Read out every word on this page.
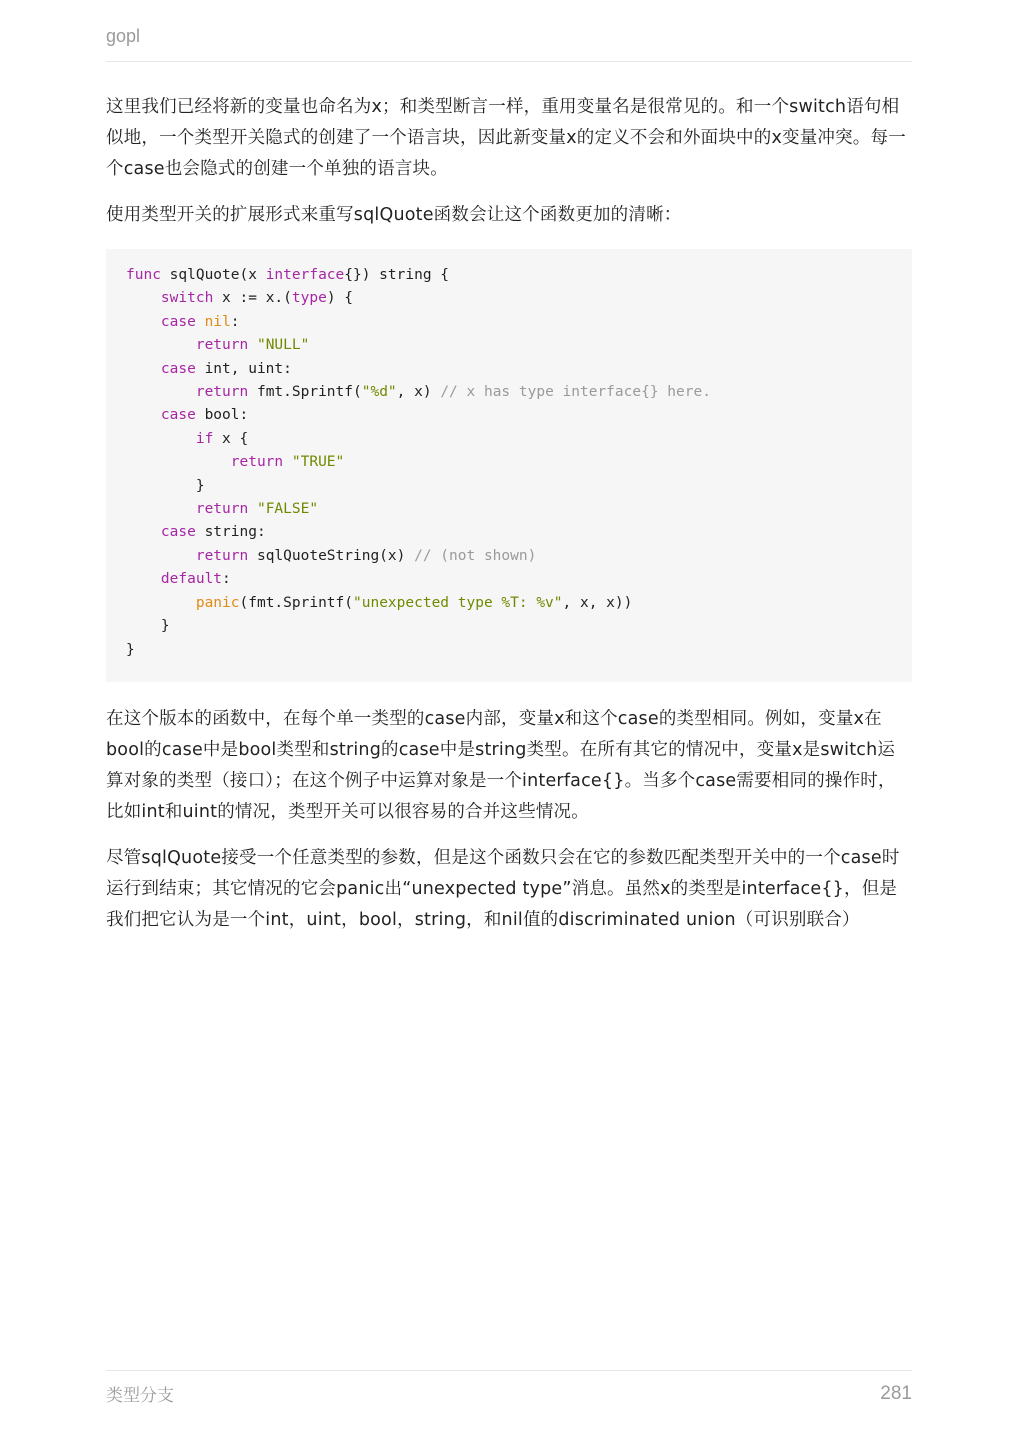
gopl

这里我们已经将新的变量也命名为x；和类型断言一样，重用变量名是很常见的。和一个switch语句相似地，一个类型开关隐式的创建了一个语言块，因此新变量x的定义不会和外面块中的x变量冲突。每一个case也会隐式的创建一个单独的语言块。

使用类型开关的扩展形式来重写sqlQuote函数会让这个函数更加的清晰：

func sqlQuote(x interface{}) string {
switch x := x.(type) {
case nil:
return "NULL"
case int, uint:
return fmt.Sprintf("%d", x) // x has type interface{} here.
case bool:
if x {
return "TRUE"
}
return "FALSE"
case string:
return sqlQuoteString(x) // (not shown)
default:
panic(fmt.Sprintf("unexpected type %T: %v", x, x))
}
}

在这个版本的函数中，在每个单一类型的case内部，变量x和这个case的类型相同。例如，变量x在bool的case中是bool类型和string的case中是string类型。在所有其它的情况中，变量x是switch运算对象的类型（接口）；在这个例子中运算对象是一个interface{}。当多个case需要相同的操作时，比如int和uint的情况，类型开关可以很容易的合并这些情况。

尽管sqlQuote接受一个任意类型的参数，但是这个函数只会在它的参数匹配类型开关中的一个case时运行到结束；其它情况的它会panic出“unexpected type”消息。虽然x的类型是interface{}，但是我们把它认为是一个int，uint，bool，string，和nil值的discriminated union（可识别联合）

类型分支	281
